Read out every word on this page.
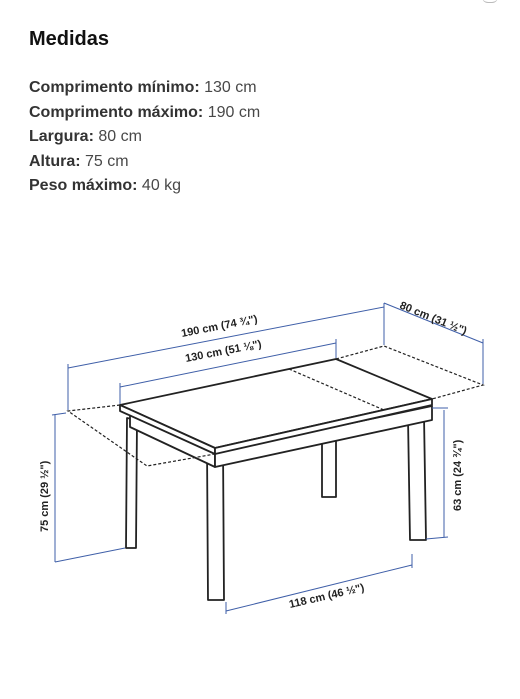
Medidas
Comprimento mínimo: 130 cm
Comprimento máximo: 190 cm
Largura: 80 cm
Altura: 75 cm
Peso máximo: 40 kg
190 cm (74 ¾")
130 cm (51 ⅛")
80 cm (31 ½")
75 cm (29 ½")	63 cm (24 ¾")
118 cm (46 ½")
